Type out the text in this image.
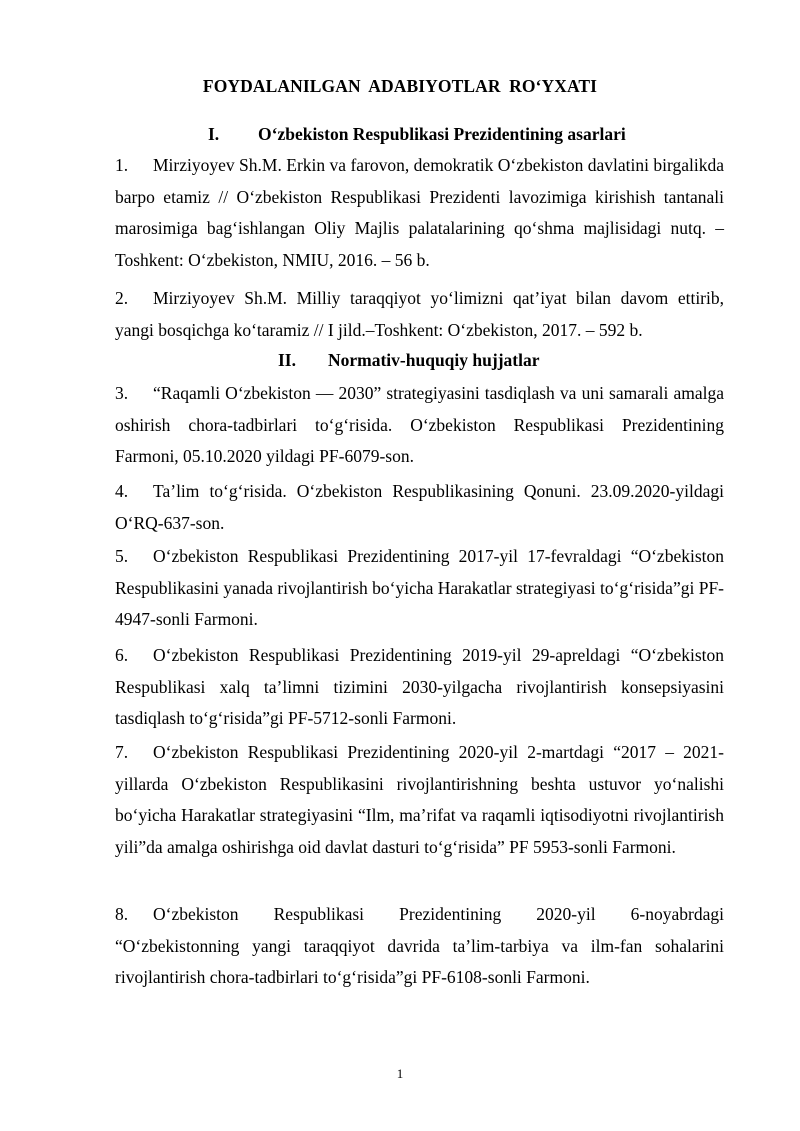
FOYDALANILGAN ADABIYOTLAR RO‘YXATI
I. O‘zbekiston Respublikasi Prezidentining asarlari
1. Mirziyoyev Sh.M. Erkin va farovon, demokratik O‘zbekiston davlatini birgalikda barpo etamiz // O‘zbekiston Respublikasi Prezidenti lavozimiga kirishish tantanali marosimiga bag‘ishlangan Oliy Majlis palatalarining qo‘shma majlisidagi nutq. – Toshkent: O‘zbekiston, NMIU, 2016. – 56 b.
2. Mirziyoyev Sh.M. Milliy taraqqiyot yo‘limizni qat’iyat bilan davom ettirib, yangi bosqichga ko‘taramiz // I jild.–Toshkent: O‘zbekiston, 2017. – 592 b.
II. Normativ-huquqiy hujjatlar
3. “Raqamli O‘zbekiston — 2030” strategiyasini tasdiqlash va uni samarali amalga oshirish chora-tadbirlari to‘g‘risida. O‘zbekiston Respublikasi Prezidentining Farmoni, 05.10.2020 yildagi PF-6079-son.
4. Ta’lim to‘g‘risida. O‘zbekiston Respublikasining Qonuni. 23.09.2020-yildagi O‘RQ-637-son.
5. O‘zbekiston Respublikasi Prezidentining 2017-yil 17-fevraldagi “O‘zbekiston Respublikasini yanada rivojlantirish bo‘yicha Harakatlar strategiyasi to‘g‘risida”gi PF-4947-sonli Farmoni.
6. O‘zbekiston Respublikasi Prezidentining 2019-yil 29-apreldagi “O‘zbekiston Respublikasi xalq ta’limni tizimini 2030-yilgacha rivojlantirish konsepsiyasini tasdiqlash to‘g‘risida”gi PF-5712-sonli Farmoni.
7. O‘zbekiston Respublikasi Prezidentining 2020-yil 2-martdagi “2017 – 2021-yillarda O‘zbekiston Respublikasini rivojlantirishning beshta ustuvor yo‘nalishi bo‘yicha Harakatlar strategiyasini “Ilm, ma’rifat va raqamli iqtisodiyotni rivojlantirish yili”da amalga oshirishga oid davlat dasturi to‘g‘risida” PF 5953-sonli Farmoni.
8. O‘zbekiston Respublikasi Prezidentining 2020-yil 6-noyabrdagi “O‘zbekistonning yangi taraqqiyot davrida ta’lim-tarbiya va ilm-fan sohalarini rivojlantirish chora-tadbirlari to‘g‘risida”gi PF-6108-sonli Farmoni.
1
